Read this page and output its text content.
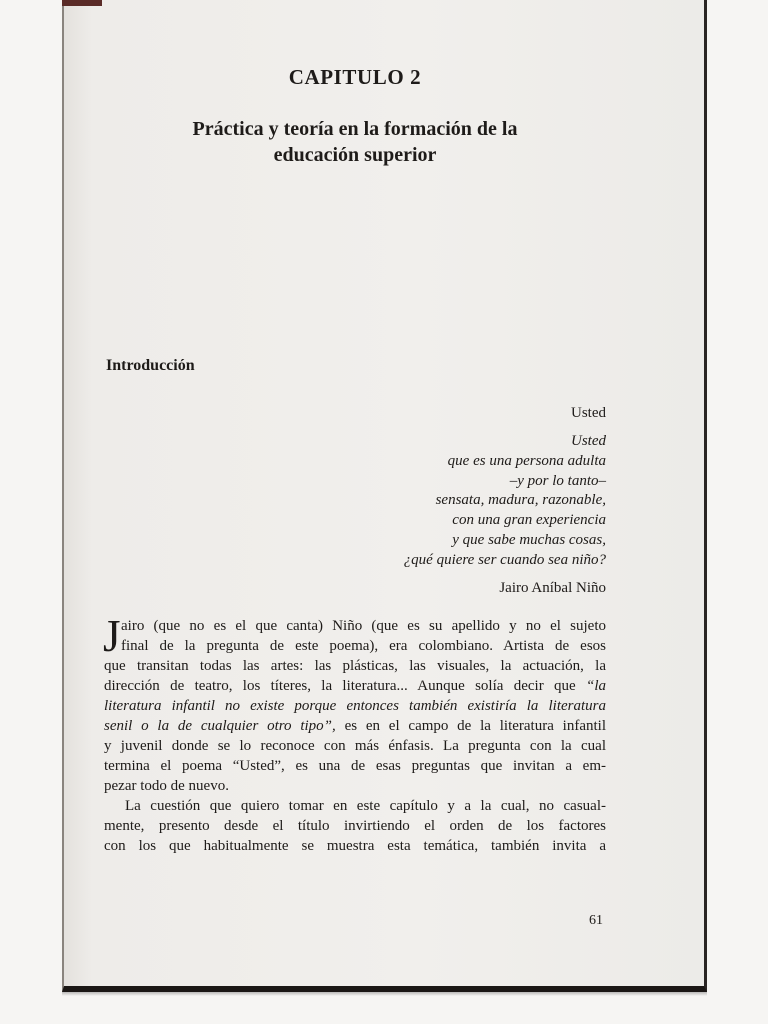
CAPITULO 2
Práctica y teoría en la formación de la
educación superior
Introducción
Usted
Usted
que es una persona adulta
–y por lo tanto–
sensata, madura, razonable,
con una gran experiencia
y que sabe muchas cosas,
¿qué quiere ser cuando sea niño?
Jairo Aníbal Niño
J airo (que no es el que canta) Niño (que es su apellido y no el sujeto
final de la pregunta de este poema), era colombiano. Artista de esos
que transitan todas las artes: las plásticas, las visuales, la actuación, la
dirección de teatro, los títeres, la literatura... Aunque solía decir que “la
literatura infantil no existe porque entonces también existiría la literatura
senil o la de cualquier otro tipo”, es en el campo de la literatura infantil
y juvenil donde se lo reconoce con más énfasis. La pregunta con la cual
termina el poema “Usted”, es una de esas preguntas que invitan a em-
pezar todo de nuevo.
La cuestión que quiero tomar en este capítulo y a la cual, no casual-
mente, presento desde el título invirtiendo el orden de los factores
con los que habitualmente se muestra esta temática, también invita a
61
